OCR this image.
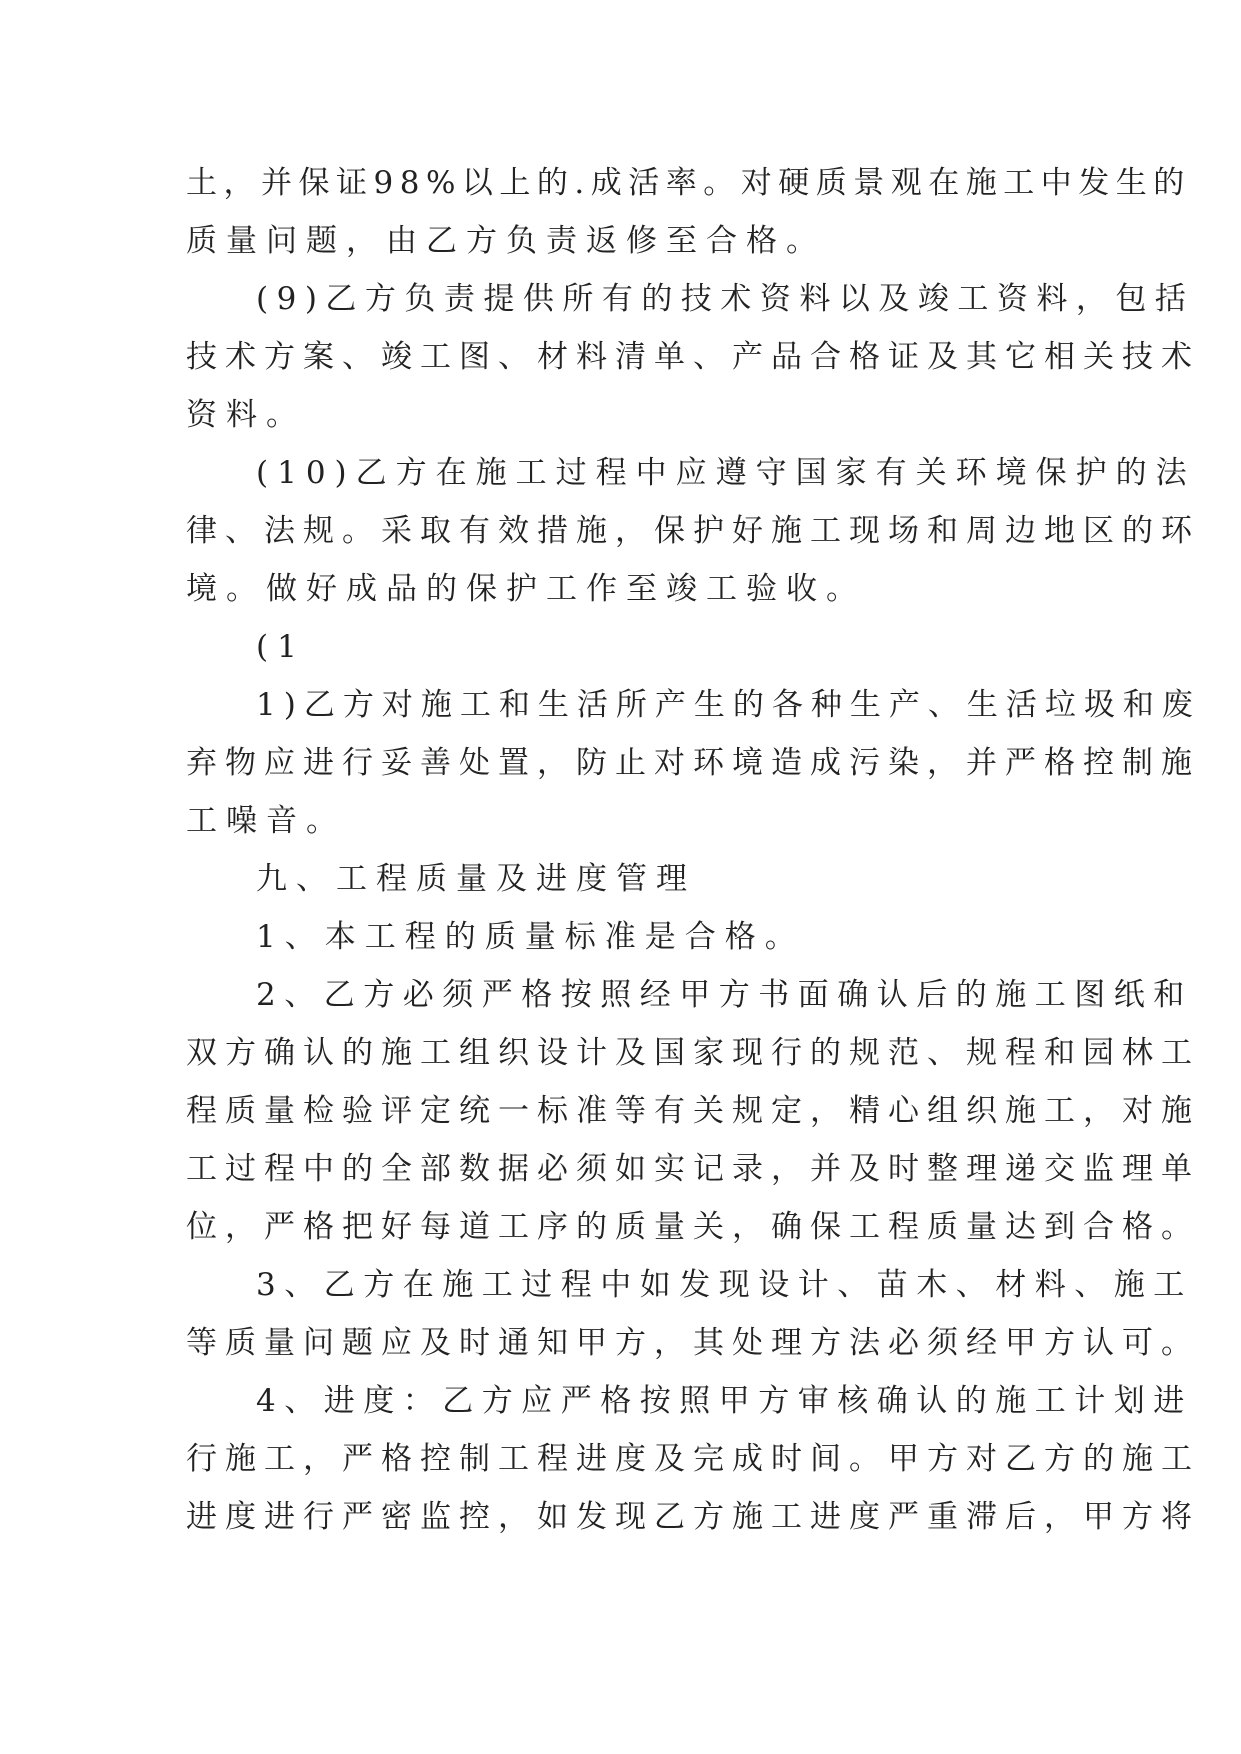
土，并保证98%以上的.成活率。对硬质景观在施工中发生的
质量问题，由乙方负责返修至合格。
(9)乙方负责提供所有的技术资料以及竣工资料，包括
技术方案、竣工图、材料清单、产品合格证及其它相关技术
资料。
(10)乙方在施工过程中应遵守国家有关环境保护的法
律、法规。采取有效措施，保护好施工现场和周边地区的环
境。做好成品的保护工作至竣工验收。
(1
1)乙方对施工和生活所产生的各种生产、生活垃圾和废
弃物应进行妥善处置，防止对环境造成污染，并严格控制施
工噪音。
九、工程质量及进度管理
1、本工程的质量标准是合格。
2、乙方必须严格按照经甲方书面确认后的施工图纸和
双方确认的施工组织设计及国家现行的规范、规程和园林工
程质量检验评定统一标准等有关规定，精心组织施工，对施
工过程中的全部数据必须如实记录，并及时整理递交监理单
位，严格把好每道工序的质量关，确保工程质量达到合格。
3、乙方在施工过程中如发现设计、苗木、材料、施工
等质量问题应及时通知甲方，其处理方法必须经甲方认可。
4、进度：乙方应严格按照甲方审核确认的施工计划进
行施工，严格控制工程进度及完成时间。甲方对乙方的施工
进度进行严密监控，如发现乙方施工进度严重滞后，甲方将
